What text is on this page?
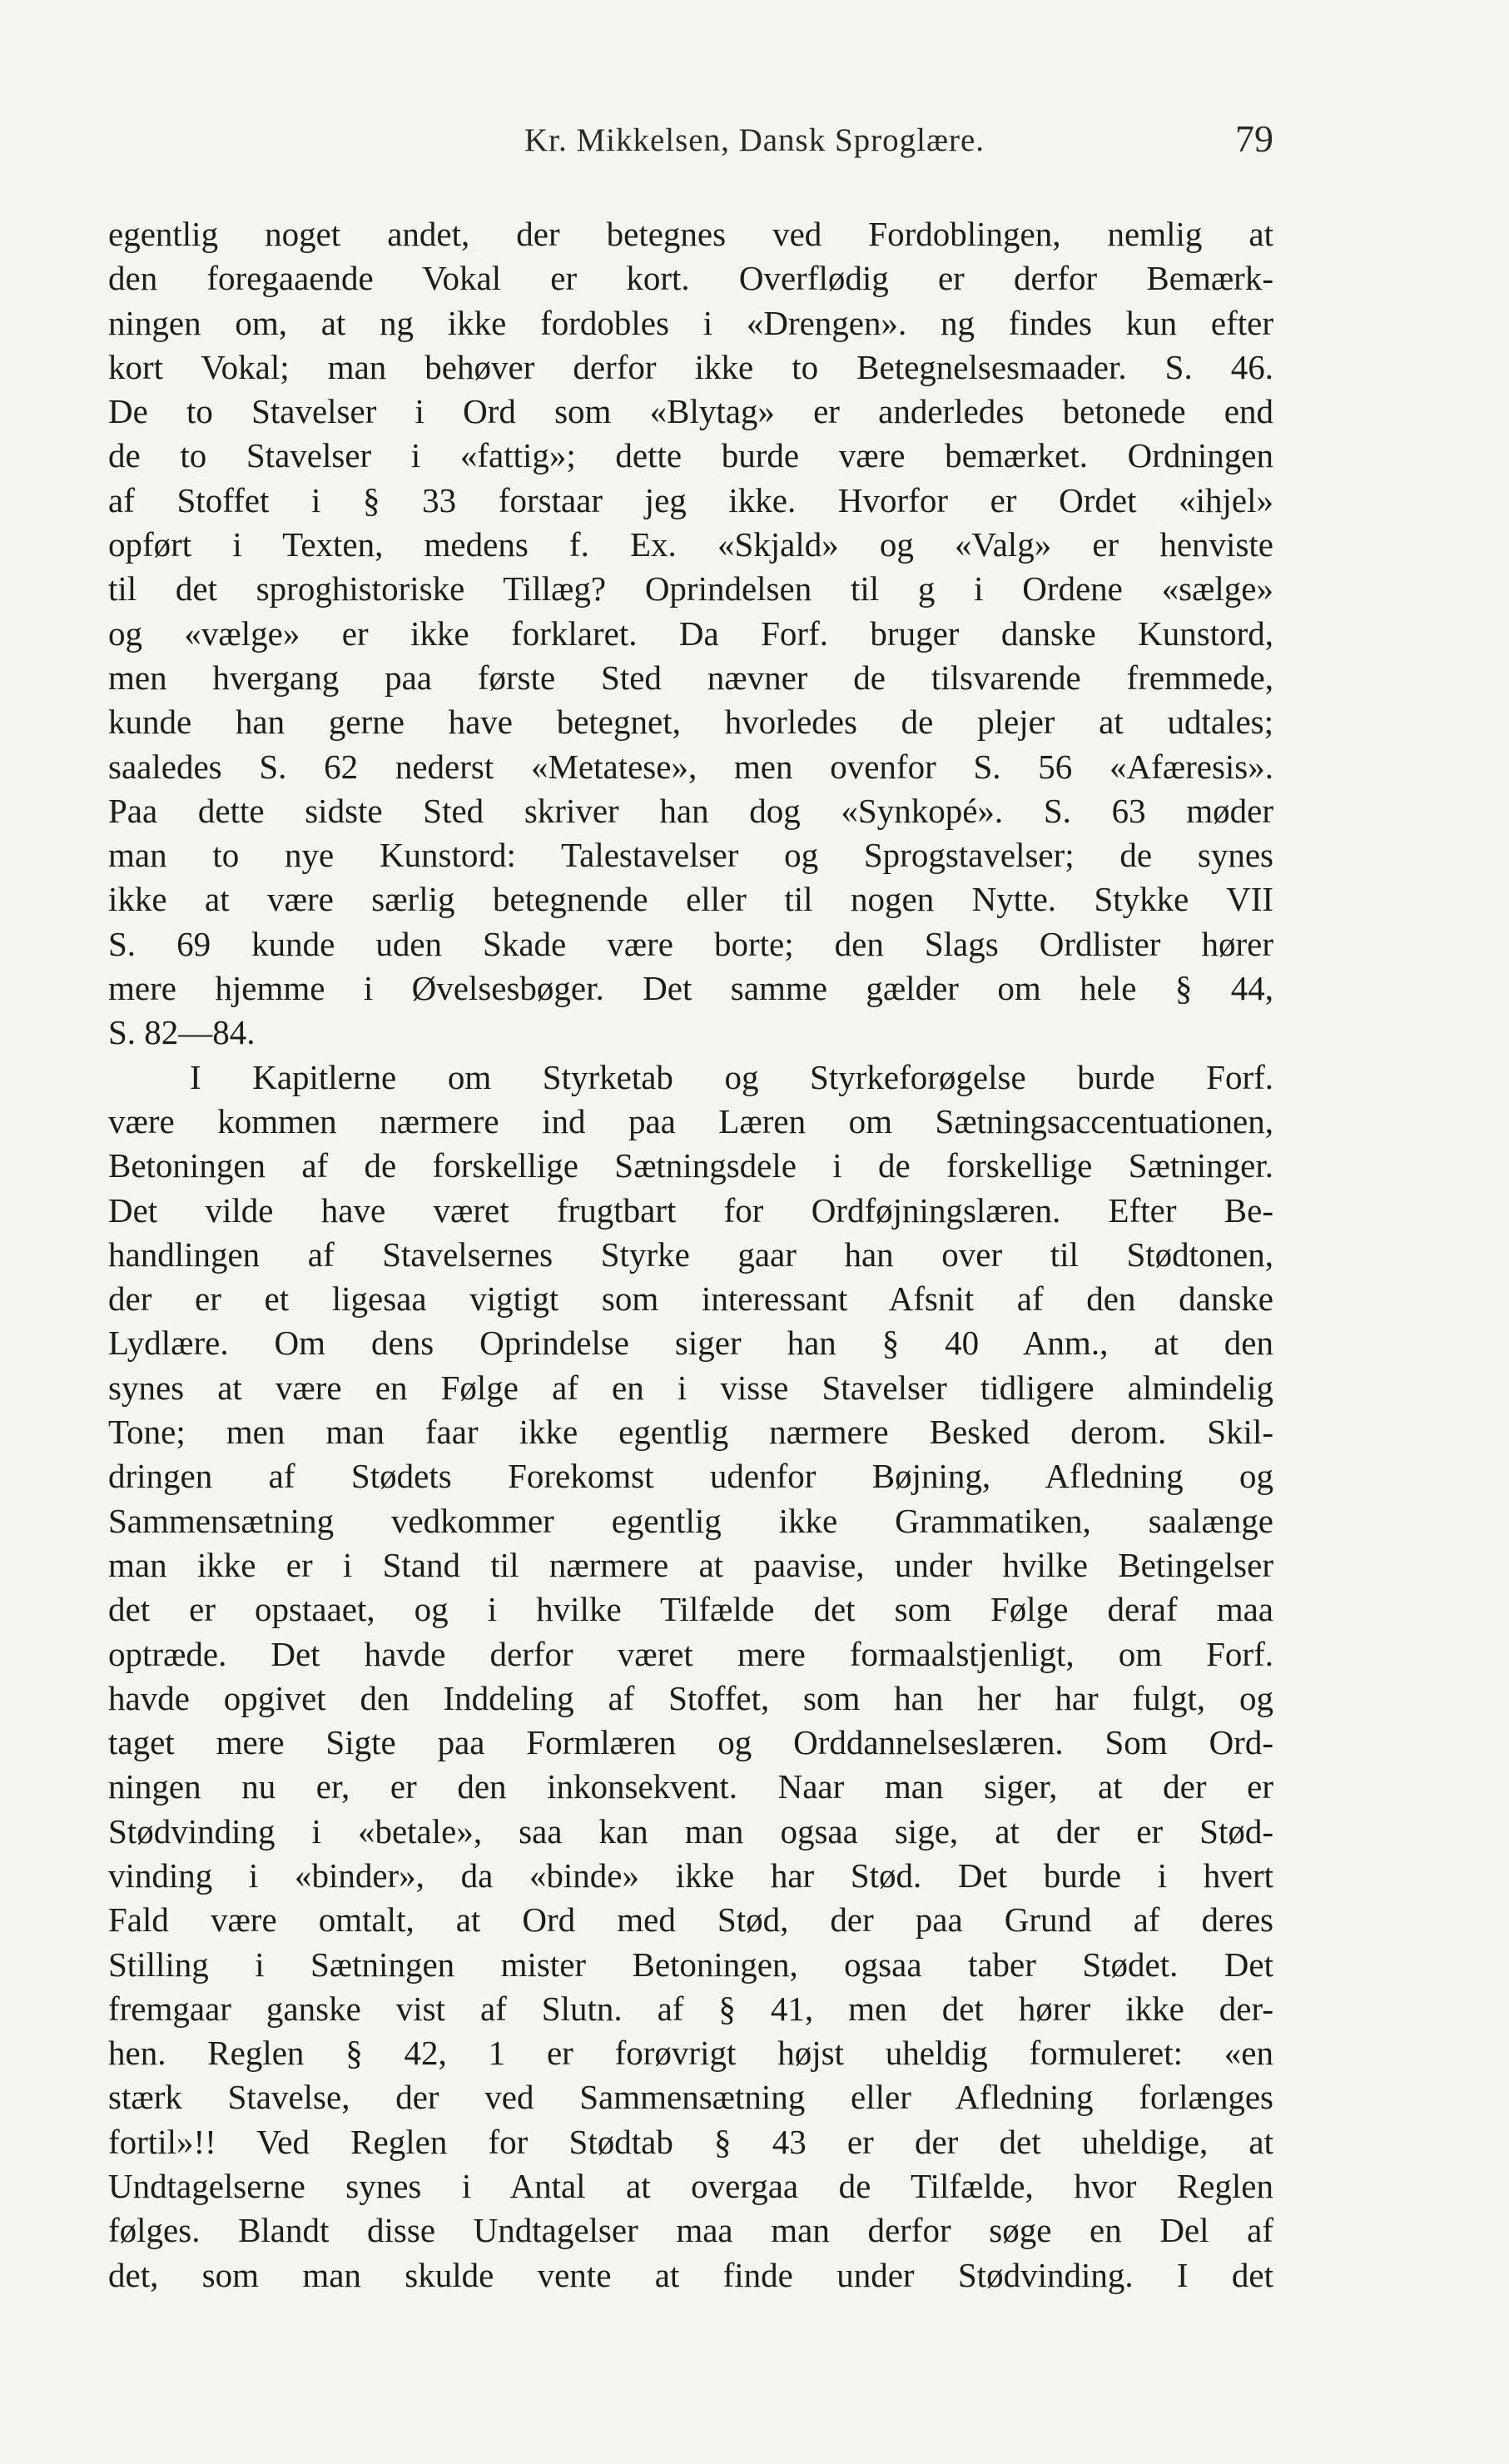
Kr. Mikkelsen, Dansk Sproglære.	79
egentlig noget andet, der betegnes ved Fordoblingen, nemlig at
den foregaaende Vokal er kort. Overflødig er derfor Bemærk-
ningen om, at ng ikke fordobles i «Drengen». ng findes kun efter
kort Vokal; man behøver derfor ikke to Betegnelsesmaader. S. 46.
De to Stavelser i Ord som «Blytag» er anderledes betonede end
de to Stavelser i «fattig»; dette burde være bemærket. Ordningen
af Stoffet i § 33 forstaar jeg ikke. Hvorfor er Ordet «ihjel»
opført i Texten, medens f. Ex. «Skjald» og «Valg» er henviste
til det sproghistoriske Tillæg? Oprindelsen til g i Ordene «sælge»
og «vælge» er ikke forklaret. Da Forf. bruger danske Kunstord,
men hvergang paa første Sted nævner de tilsvarende fremmede,
kunde han gerne have betegnet, hvorledes de plejer at udtales;
saaledes S. 62 nederst «Metatese», men ovenfor S. 56 «Afæresis».
Paa dette sidste Sted skriver han dog «Synkopé». S. 63 møder
man to nye Kunstord: Talestavelser og Sprogstavelser; de synes
ikke at være særlig betegnende eller til nogen Nytte. Stykke VII
S. 69 kunde uden Skade være borte; den Slags Ordlister hører
mere hjemme i Øvelsesbøger. Det samme gælder om hele § 44,
S. 82—84.
I Kapitlerne om Styrketab og Styrkeforøgelse burde Forf.
være kommen nærmere ind paa Læren om Sætningsaccentuationen,
Betoningen af de forskellige Sætningsdele i de forskellige Sætninger.
Det vilde have været frugtbart for Ordføjningslæren. Efter Be-
handlingen af Stavelsernes Styrke gaar han over til Stødtonen,
der er et ligesaa vigtigt som interessant Afsnit af den danske
Lydlære. Om dens Oprindelse siger han § 40 Anm., at den
synes at være en Følge af en i visse Stavelser tidligere almindelig
Tone; men man faar ikke egentlig nærmere Besked derom. Skil-
dringen af Stødets Forekomst udenfor Bøjning, Afledning og
Sammensætning vedkommer egentlig ikke Grammatiken, saalænge
man ikke er i Stand til nærmere at paavise, under hvilke Betingelser
det er opstaaet, og i hvilke Tilfælde det som Følge deraf maa
optræde. Det havde derfor været mere formaalstjenligt, om Forf.
havde opgivet den Inddeling af Stoffet, som han her har fulgt, og
taget mere Sigte paa Formlæren og Orddannelseslæren. Som Ord-
ningen nu er, er den inkonsekvent. Naar man siger, at der er
Stødvinding i «betale», saa kan man ogsaa sige, at der er Stød-
vinding i «binder», da «binde» ikke har Stød. Det burde i hvert
Fald være omtalt, at Ord med Stød, der paa Grund af deres
Stilling i Sætningen mister Betoningen, ogsaa taber Stødet. Det
fremgaar ganske vist af Slutn. af § 41, men det hører ikke der-
hen. Reglen § 42, 1 er forøvrigt højst uheldig formuleret: «en
stærk Stavelse, der ved Sammensætning eller Afledning forlænges
fortil»!! Ved Reglen for Stødtab § 43 er der det uheldige, at
Undtagelserne synes i Antal at overgaa de Tilfælde, hvor Reglen
følges. Blandt disse Undtagelser maa man derfor søge en Del af
det, som man skulde vente at finde under Stødvinding. I det
